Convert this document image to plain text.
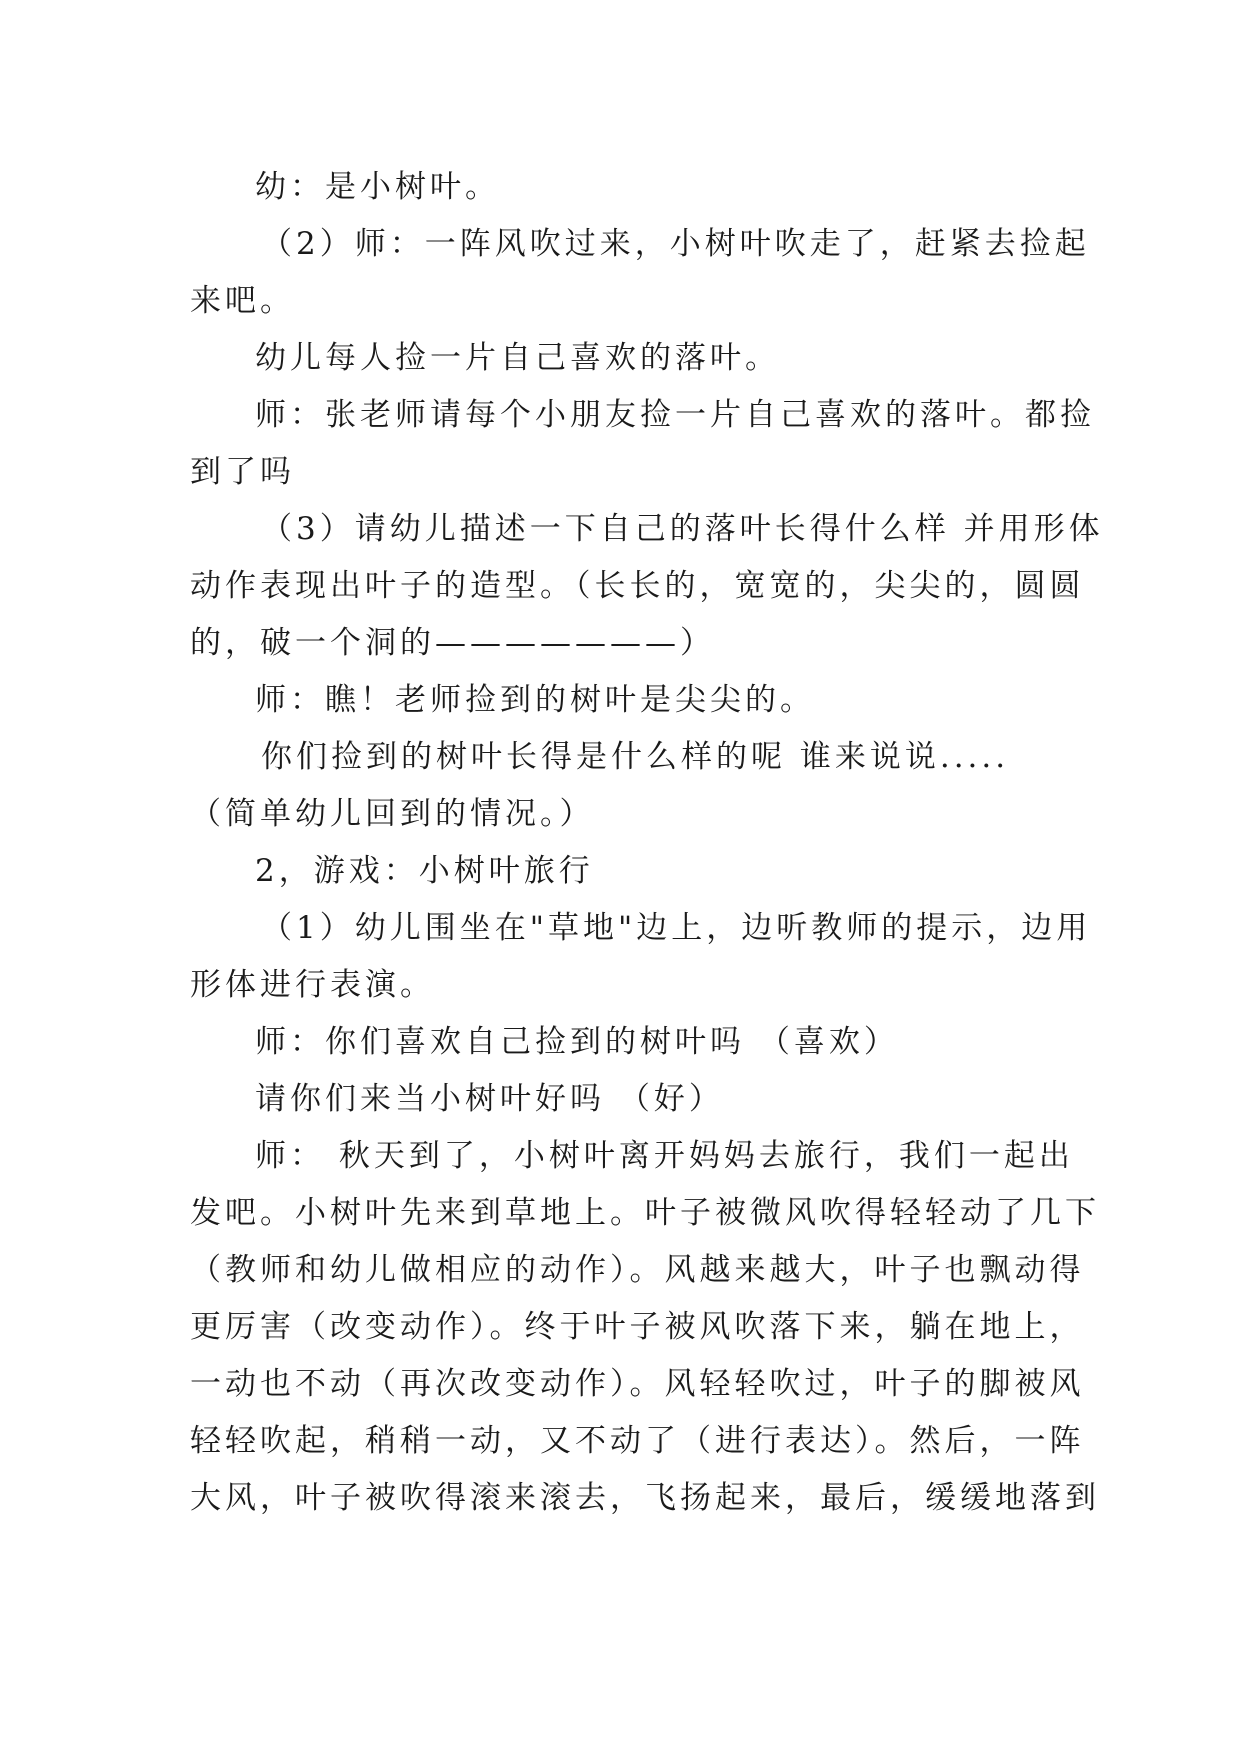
幼：是小树叶。
（2）师：一阵风吹过来，小树叶吹走了，赶紧去捡起
来吧。
幼儿每人捡一片自己喜欢的落叶。
师：张老师请每个小朋友捡一片自己喜欢的落叶。都捡
到了吗
（3）请幼儿描述一下自己的落叶长得什么样 并用形体
动作表现出叶子的造型。（长长的，宽宽的，尖尖的，圆圆
的，破一个洞的———————）
师：瞧！老师捡到的树叶是尖尖的。
你们捡到的树叶长得是什么样的呢 谁来说说.....
（简单幼儿回到的情况。）
2，游戏：小树叶旅行
（1）幼儿围坐在"草地"边上，边听教师的提示，边用
形体进行表演。
师：你们喜欢自己捡到的树叶吗 （喜欢）
请你们来当小树叶好吗 （好）
师： 秋天到了，小树叶离开妈妈去旅行，我们一起出
发吧。小树叶先来到草地上。叶子被微风吹得轻轻动了几下
（教师和幼儿做相应的动作）。风越来越大，叶子也飘动得
更厉害（改变动作）。终于叶子被风吹落下来，躺在地上，
一动也不动（再次改变动作）。风轻轻吹过，叶子的脚被风
轻轻吹起，稍稍一动，又不动了（进行表达）。然后，一阵
大风，叶子被吹得滚来滚去，飞扬起来，最后，缓缓地落到
